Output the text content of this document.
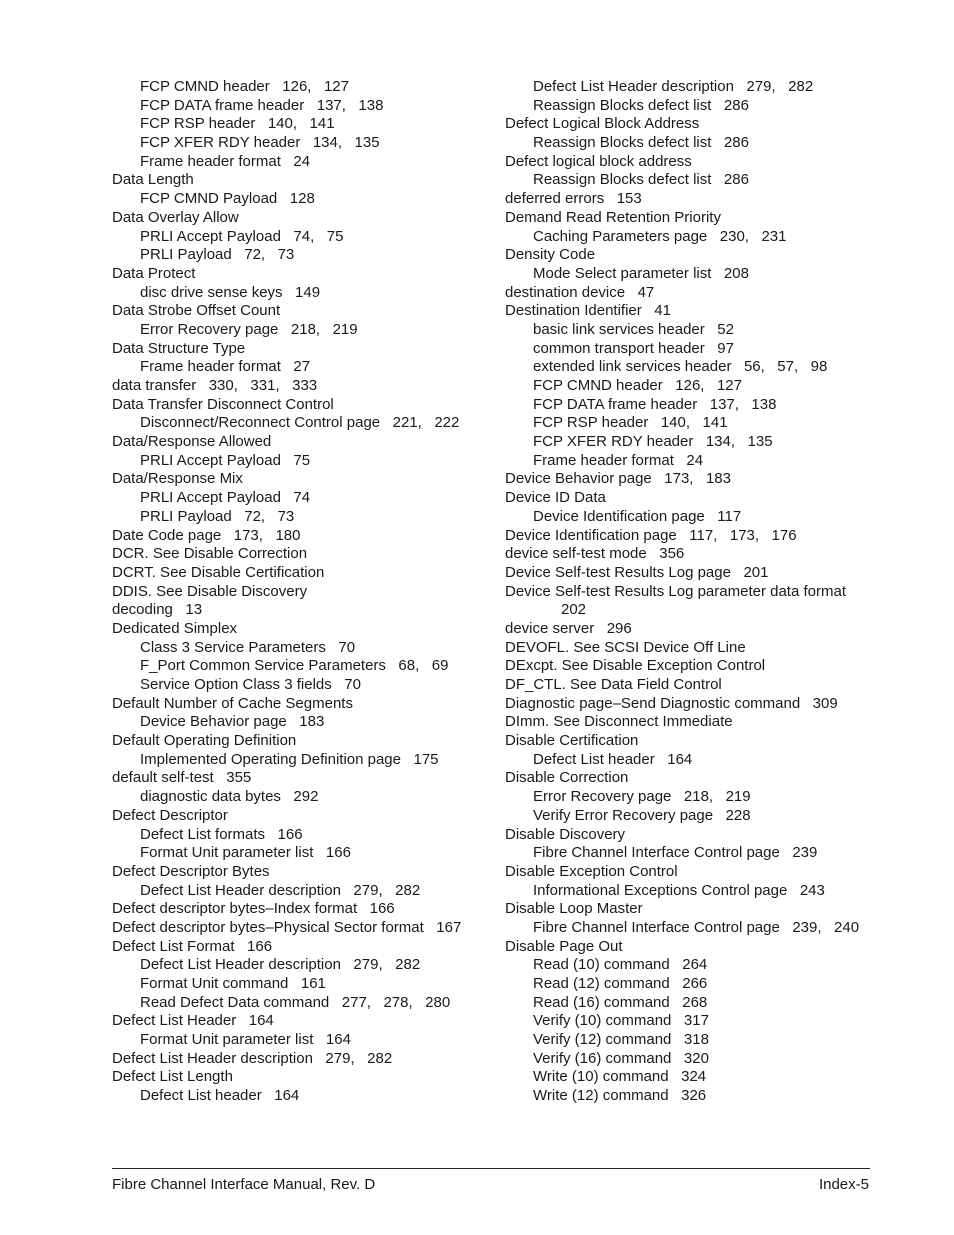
FCP CMND header   126,   127
FCP DATA frame header   137,   138
FCP RSP header   140,   141
FCP XFER RDY header   134,   135
Frame header format   24
Data Length
FCP CMND Payload   128
Data Overlay Allow
PRLI Accept Payload   74,   75
PRLI Payload   72,   73
Data Protect
disc drive sense keys   149
Data Strobe Offset Count
Error Recovery page   218,   219
Data Structure Type
Frame header format   27
data transfer   330,   331,   333
Data Transfer Disconnect Control
Disconnect/Reconnect Control page   221,   222
Data/Response Allowed
PRLI Accept Payload   75
Data/Response Mix
PRLI Accept Payload   74
PRLI Payload   72,   73
Date Code page   173,   180
DCR. See Disable Correction
DCRT. See Disable Certification
DDIS. See Disable Discovery
decoding   13
Dedicated Simplex
Class 3 Service Parameters   70
F_Port Common Service Parameters   68,   69
Service Option Class 3 fields   70
Default Number of Cache Segments
Device Behavior page   183
Default Operating Definition
Implemented Operating Definition page   175
default self-test   355
diagnostic data bytes   292
Defect Descriptor
Defect List formats   166
Format Unit parameter list   166
Defect Descriptor Bytes
Defect List Header description   279,   282
Defect descriptor bytes–Index format   166
Defect descriptor bytes–Physical Sector format   167
Defect List Format   166
Defect List Header description   279,   282
Format Unit command   161
Read Defect Data command   277,   278,   280
Defect List Header   164
Format Unit parameter list   164
Defect List Header description   279,   282
Defect List Length
Defect List header   164
Defect List Header description   279,   282
Reassign Blocks defect list   286
Defect Logical Block Address
Reassign Blocks defect list   286
Defect logical block address
Reassign Blocks defect list   286
deferred errors   153
Demand Read Retention Priority
Caching Parameters page   230,   231
Density Code
Mode Select parameter list   208
destination device   47
Destination Identifier   41
basic link services header   52
common transport header   97
extended link services header   56,   57,   98
FCP CMND header   126,   127
FCP DATA frame header   137,   138
FCP RSP header   140,   141
FCP XFER RDY header   134,   135
Frame header format   24
Device Behavior page   173,   183
Device ID Data
Device Identification page   117
Device Identification page   117,   173,   176
device self-test mode   356
Device Self-test Results Log page   201
Device Self-test Results Log parameter data format
202
device server   296
DEVOFL. See SCSI Device Off Line
DExcpt. See Disable Exception Control
DF_CTL. See Data Field Control
Diagnostic page–Send Diagnostic command   309
DImm. See Disconnect Immediate
Disable Certification
Defect List header   164
Disable Correction
Error Recovery page   218,   219
Verify Error Recovery page   228
Disable Discovery
Fibre Channel Interface Control page   239
Disable Exception Control
Informational Exceptions Control page   243
Disable Loop Master
Fibre Channel Interface Control page   239,   240
Disable Page Out
Read (10) command   264
Read (12) command   266
Read (16) command   268
Verify (10) command   317
Verify (12) command   318
Verify (16) command   320
Write (10) command   324
Write (12) command   326
Fibre Channel Interface Manual, Rev. D	Index-5
